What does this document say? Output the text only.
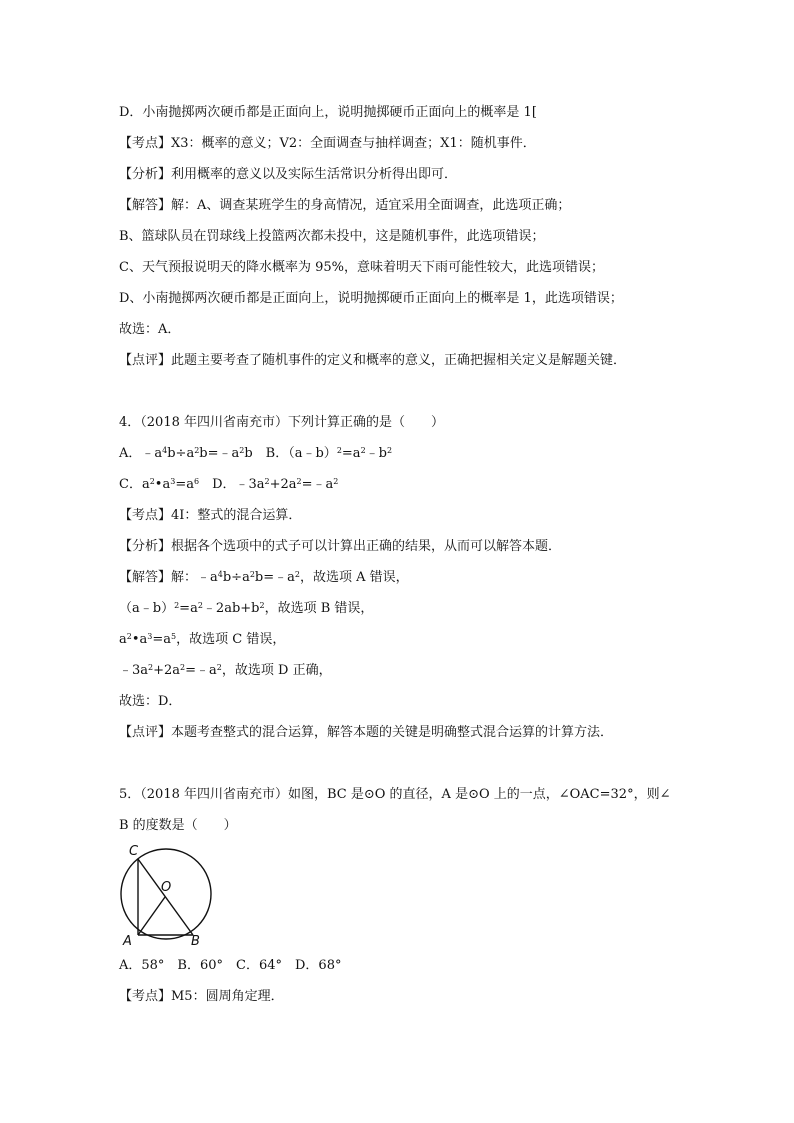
D．小南抛掷两次硬币都是正面向上，说明抛掷硬币正面向上的概率是 1[
【考点】X3：概率的意义；V2：全面调查与抽样调查；X1：随机事件．
【分析】利用概率的意义以及实际生活常识分析得出即可．
【解答】解：A、调查某班学生的身高情况，适宜采用全面调查，此选项正确；
B、篮球队员在罚球线上投篮两次都未投中，这是随机事件，此选项错误；
C、天气预报说明天的降水概率为 95%，意味着明天下雨可能性较大，此选项错误；
D、小南抛掷两次硬币都是正面向上，说明抛掷硬币正面向上的概率是 1，此选项错误；
故选：A．
【点评】此题主要考查了随机事件的定义和概率的意义，正确把握相关定义是解题关键．
4．（2018 年四川省南充市）下列计算正确的是（　　）
A．$﹣a^4b\div a^2b=﹣a^2b$　B．$(a﹣b)^2=a^2﹣b^2$
C．$a^2•a^3=a^6$　D．$﹣3a^2+2a^2=﹣a^2$
【考点】4I：整式的混合运算．
【分析】根据各个选项中的式子可以计算出正确的结果，从而可以解答本题．
【解答】解：$﹣a^4b\div a^2b=﹣a^2$，故选项 A 错误，
$(a﹣b)^2=a^2﹣2ab+b^2$，故选项 B 错误，
$a^2•a^3=a^5$，故选项 C 错误，
$﹣3a^2+2a^2=﹣a^2$，故选项 D 正确，
故选：D．
【点评】本题考查整式的混合运算，解答本题的关键是明确整式混合运算的计算方法．
5．（2018 年四川省南充市）如图，BC 是⊙O 的直径，A 是⊙O 上的一点，∠OAC=32°，则∠
B 的度数是（　　）
C
O
A	B
A．58°　B．60°　C．64°　D．68°
【考点】M5：圆周角定理．
